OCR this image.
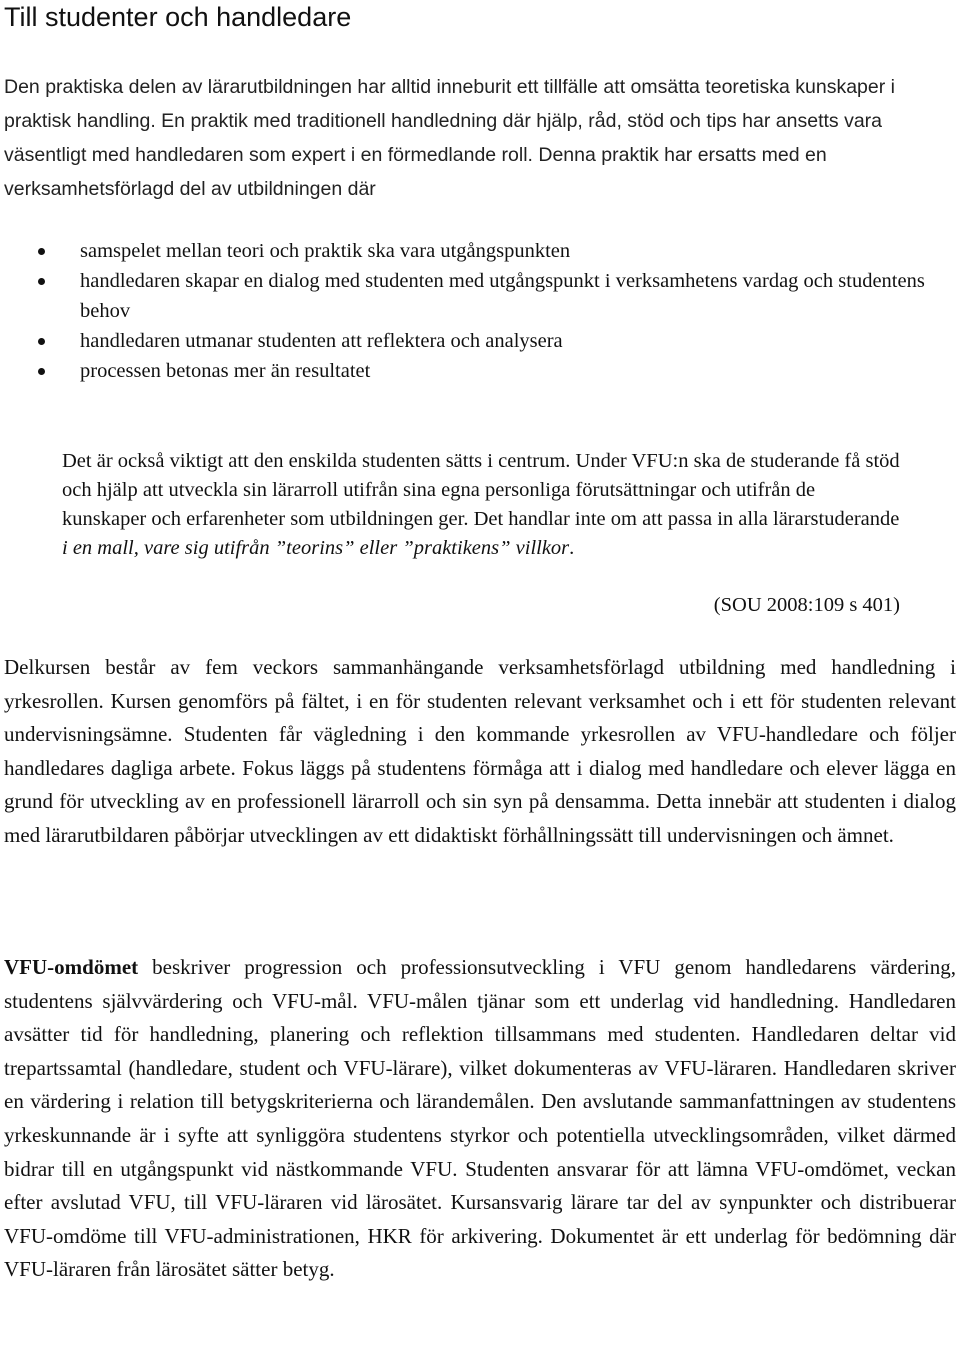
Till studenter och handledare

Den praktiska delen av lärarutbildningen har alltid inneburit ett tillfälle att omsätta teoretiska kunskaper i praktisk handling. En praktik med traditionell handledning där hjälp, råd, stöd och tips har ansetts vara väsentligt med handledaren som expert i en förmedlande roll. Denna praktik har ersatts med en verksamhetsförlagd del av utbildningen där

samspelet mellan teori och praktik ska vara utgångspunkten
handledaren skapar en dialog med studenten med utgångspunkt i verksamhetens vardag och studentens behov
handledaren utmanar studenten att reflektera och analysera
processen betonas mer än resultatet

Det är också viktigt att den enskilda studenten sätts i centrum. Under VFU:n ska de studerande få stöd och hjälp att utveckla sin lärarroll utifrån sina egna personliga förutsättningar och utifrån de kunskaper och erfarenheter som utbildningen ger. Det handlar inte om att passa in alla lärarstuderande i en mall, vare sig utifrån ”teorins” eller ”praktikens” villkor.

(SOU 2008:109 s 401)

Delkursen består av fem veckors sammanhängande verksamhetsförlagd utbildning med handledning i yrkesrollen. Kursen genomförs på fältet, i en för studenten relevant verksamhet och i ett för studenten relevant undervisningsämne. Studenten får vägledning i den kommande yrkesrollen av VFU-handledare och följer handledares dagliga arbete. Fokus läggs på studentens förmåga att i dialog med handledare och elever lägga en grund för utveckling av en professionell lärarroll och sin syn på densamma. Detta innebär att studenten i dialog med lärarutbildaren påbörjar utvecklingen av ett didaktiskt förhållningssätt till undervisningen och ämnet.

VFU-omdömet beskriver progression och professionsutveckling i VFU genom handledarens värdering, studentens självvärdering och VFU-mål. VFU-målen tjänar som ett underlag vid handledning. Handledaren avsätter tid för handledning, planering och reflektion tillsammans med studenten. Handledaren deltar vid trepartssamtal (handledare, student och VFU-lärare), vilket dokumenteras av VFU-läraren. Handledaren skriver en värdering i relation till betygskriterierna och lärandemålen. Den avslutande sammanfattningen av studentens yrkeskunnande är i syfte att synliggöra studentens styrkor och potentiella utvecklingsområden, vilket därmed bidrar till en utgångspunkt vid nästkommande VFU. Studenten ansvarar för att lämna VFU-omdömet, veckan efter avslutad VFU, till VFU-läraren vid lärosätet. Kursansvarig lärare tar del av synpunkter och distribuerar VFU-omdöme till VFU-administrationen, HKR för arkivering. Dokumentet är ett underlag för bedömning där VFU-läraren från lärosätet sätter betyg.
